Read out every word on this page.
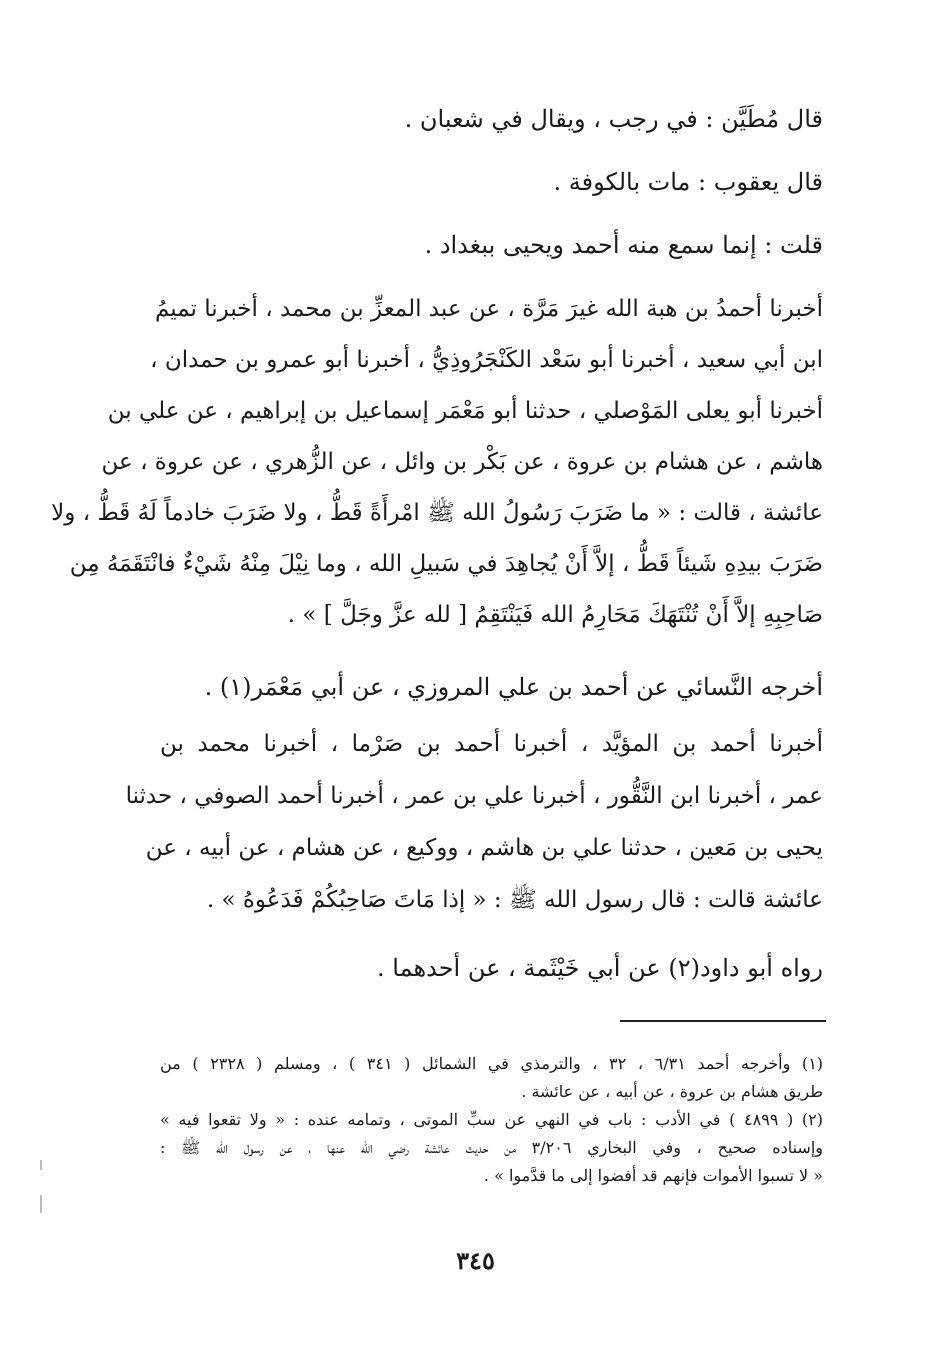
قال مُطَيَّن : في رجب ، ويقال في شعبان .
قال يعقوب : مات بالكوفة .
قلت : إنما سمع منه أحمد ويحيى ببغداد .
أخبرنا أحمدُ بن هبة الله غيرَ مَرَّة ، عن عبد المعزِّ بن محمد ، أخبرنا تميمُ
ابن أبي سعيد ، أخبرنا أبو سَعْد الكَنْجَرُوذِيُّ ، أخبرنا أبو عمرو بن حمدان ،
أخبرنا أبو يعلى المَوْصلي ، حدثنا أبو مَعْمَر إسماعيل بن إبراهيم ، عن علي بن
هاشم ، عن هشام بن عروة ، عن بَكْر بن وائل ، عن الزُّهري ، عن عروة ، عن
عائشة ، قالت : « ما ضَرَبَ رَسُولُ الله ﷺ امْرأَةً قَطُّ ، ولا ضَرَبَ خادماً لَهُ قَطُّ ، ولا
ضَرَبَ بيدِهِ شَيئاً قَطُّ ، إلاَّ أَنْ يُجاهِدَ في سَبيلِ الله ، وما نِيْلَ مِنْهُ شَيْءٌ فانْتَقَمَهُ مِن
صَاحِبِهِ إلاَّ أَنْ تُنْتَهَكَ مَحَارِمُ الله فَيَنْتَقِمُ [ لله عزَّ وجَلَّ ] » .
أخرجه النَّسائي عن أحمد بن علي المروزي ، عن أبي مَعْمَر(١) .
أخبرنا أحمد بن المؤيَّد ، أخبرنا أحمد بن صَرْما ، أخبرنا محمد بن
عمر ، أخبرنا ابن النَّقُّور ، أخبرنا علي بن عمر ، أخبرنا أحمد الصوفي ، حدثنا
يحيى بن مَعين ، حدثنا علي بن هاشم ، ووكيع ، عن هشام ، عن أبيه ، عن
عائشة قالت : قال رسول الله ﷺ : « إذا مَاتَ صَاحِبُكُمْ فَدَعُوهُ » .
رواه أبو داود(٢) عن أبي خَيْثَمة ، عن أحدهما .
(١) وأخرجه أحمد ٦/٣١ ، ٣٢ ، والترمذي في الشمائل ( ٣٤١ ) ، ومسلم ( ٢٣٢٨ ) من
طريق هشام بن عروة ، عن أبيه ، عن عائشة .
(٢) ( ٤٨٩٩ ) في الأدب : باب في النهي عن سبِّ الموتى ، وتمامه عنده : « ولا تقعوا فيه »
وإسناده صحيح ، وفي البخاري ٣/٢٠٦ من حديث عائشة رضي الله عنها ، عن رسول الله ﷺ :
« لا تسبوا الأموات فإنهم قد أفضوا إلى ما قدَّموا » .
٣٤٥
